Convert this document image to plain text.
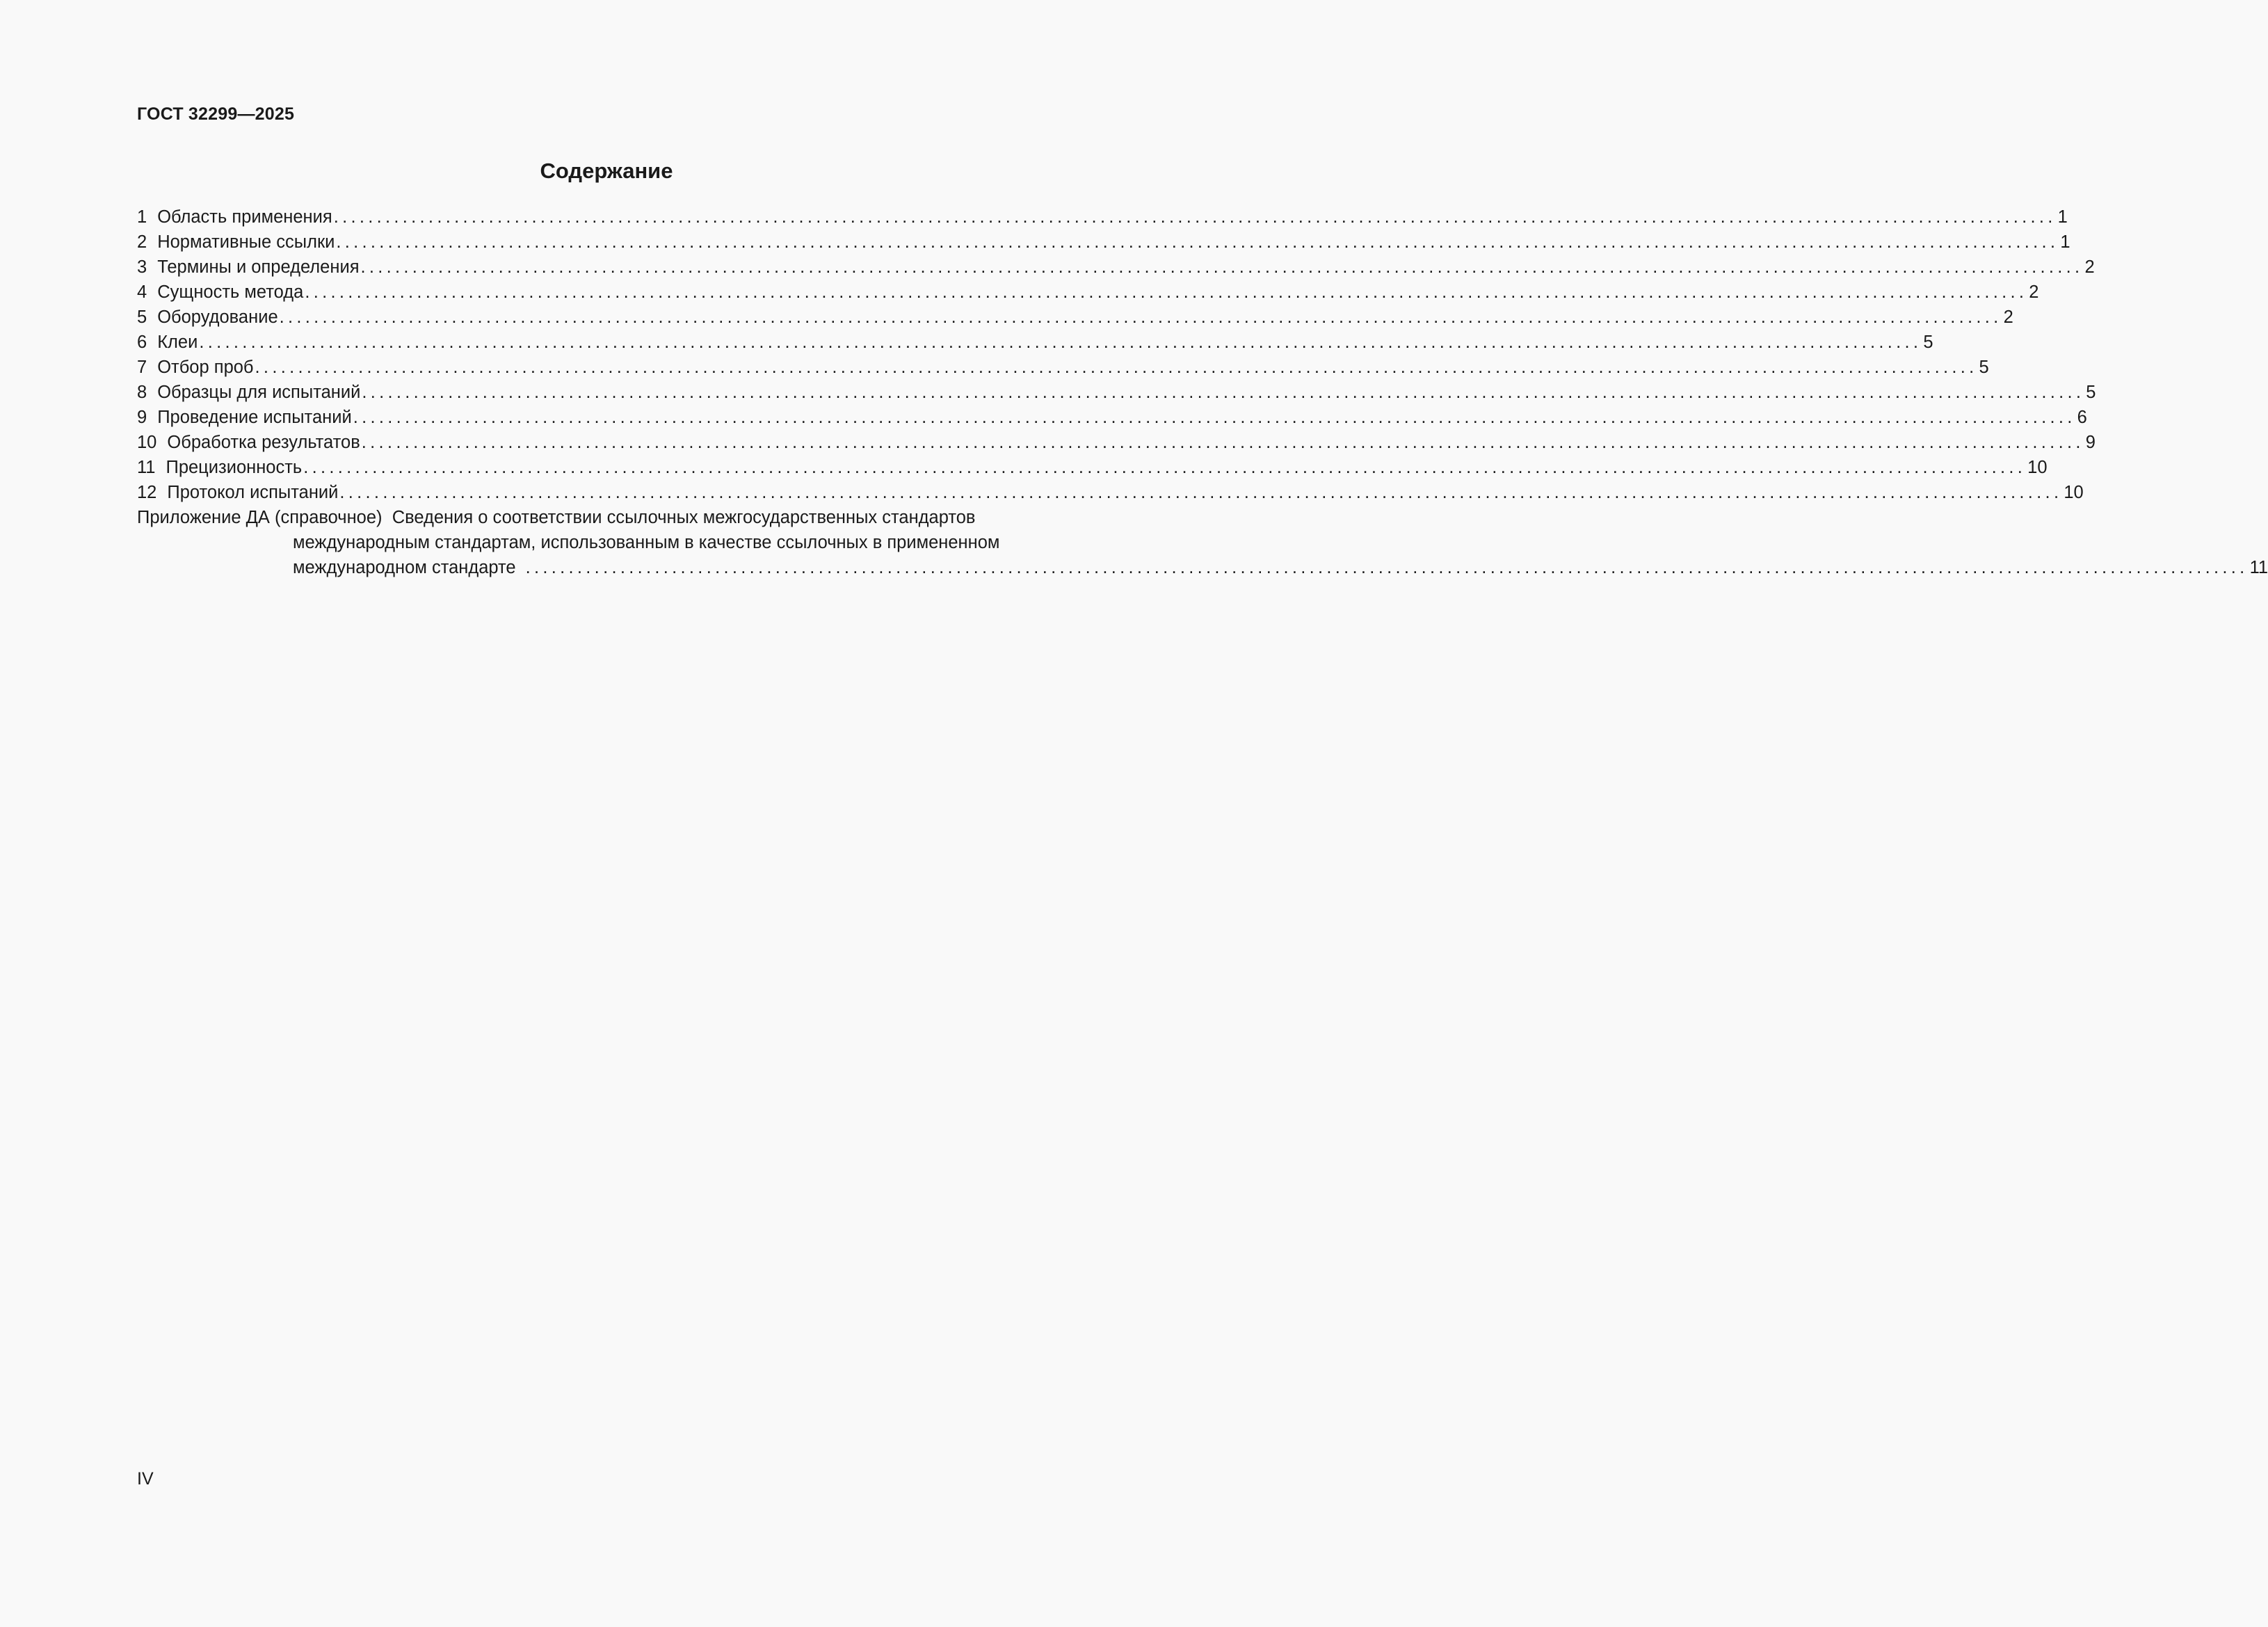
ГОСТ 32299—2025
Содержание
1 Область применения ........................................................................................................................................................................................................ 1
2 Нормативные ссылки ........................................................................................................................................................................................................ 1
3 Термины и определения ........................................................................................................................................................................................................ 2
4 Сущность метода ........................................................................................................................................................................................................ 2
5 Оборудование ........................................................................................................................................................................................................ 2
6 Клеи ........................................................................................................................................................................................................ 5
7 Отбор проб ........................................................................................................................................................................................................ 5
8 Образцы для испытаний ........................................................................................................................................................................................................ 5
9 Проведение испытаний ........................................................................................................................................................................................................ 6
10 Обработка результатов ........................................................................................................................................................................................................ 9
11 Прецизионность ........................................................................................................................................................................................................ 10
12 Протокол испытаний ........................................................................................................................................................................................................ 10
Приложение ДА (справочное) Сведения о соответствии ссылочных межгосударственных стандартов
международным стандартам, использованным в качестве ссылочных в примененном
международном стандарте ........................................................................................................................................................................................................ 11
IV
